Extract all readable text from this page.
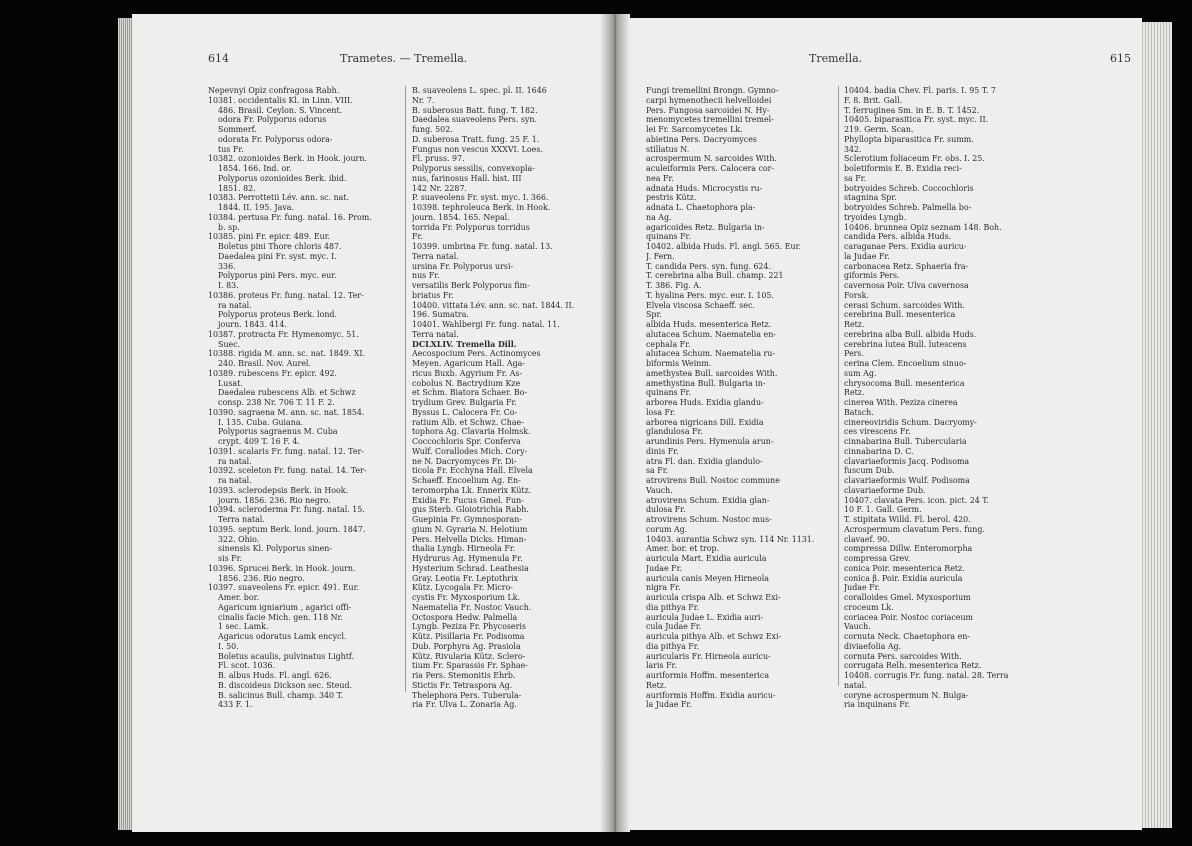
614	Trametes. — Tremella.	Tremella.	615

Nepevnyi Opiz confragosa Rabh.

10381. occidentalis Kl. in Linn. VIII.

486. Brasil. Ceylon. S. Vincent.

odora Fr. Polyporus odorus

Sommerf.

odorata Fr. Polyporus odora-

tus Fr.

10382. ozonioides Berk. in Hook. journ.

1854. 166. Ind. or.

Polyporus ozonioides Berk. ibid.

1851. 82.

10383. Perrottetii Lév. ann. sc. nat.

1844. II. 195. Java.

10384. pertusa Fr. fung. natal. 16. Prom.

b. sp.

10385. pini Fr. epicr. 489. Eur.

Boletus pini Thore chloris 487.

Daedalea pini Fr. syst. myc. I.

336.

Polyporus pini Pers. myc. eur.

I. 83.

10386. proteus Fr. fung. natal. 12. Ter-

ra natal.

Polyporus proteus Berk. lond.

journ. 1843. 414.

10387. protracta Fr. Hymenomyc. 51.

Suec.

10388. rigida M. ann. sc. nat. 1849. XI.

240. Brasil. Nov. Aurel.

10389. rubescens Fr. epicr. 492.

Lusat.

Daedalea rubescens Alb. et Schwz

consp. 238 Nr. 706 T. 11 F. 2.

10390. sagraena M. ann. sc. nat. 1854.

I. 135. Cuba. Guiana.

Polyporus sagraenus M. Cuba

crypt. 409 T. 16 F. 4.

10391. scalaris Fr. fung. natal. 12. Ter-

ra natal.

10392. sceleton Fr. fung. natal. 14. Ter-

ra natal.

10393. sclerodepsis Berk. in Hook.

journ. 1856. 236. Rio negro.

10394. scleroderma Fr. fung. natal. 15.

Terra natal.

10395. septum Berk. lond. journ. 1847.

322. Ohio.

sinensis Kl. Polyporus sinen-

sis Fr.

10396. Sprucei Berk. in Hook. journ.

1856. 236. Rio negro.

10397. suaveolens Fr. epicr. 491. Eur.

Amer. bor.

Agaricum igniarium , agarici offi-

cinalis facie Mich. gen. 118 Nr.

1 sec. Lamk.

Agaricus odoratus Lamk encycl.

I. 50.

Boletus acaulis, pulvinatus Lightf.

Fl. scot. 1036.

B. albus Huds. Fl. angl. 626.

B. discoideus Dickson sec. Steud.

B. salicinus Bull. champ. 340 T.

433 F. 1.

B. suaveolens L. spec. pl. II. 1646

Nr. 7.

B. suberosus Batt. fung. T. 182.

Daedalea suaveolens Pers. syn.

fung. 502.

D. suberosa Tratt. fung. 25 F. 1.

Fungus non vescus XXXVI. Loes.

Fl. pruss. 97.

Polyporus sessilis, convexopla-

nus, farinosus Hall. hist. III

142 Nr. 2287.

P. suaveolens Fr. syst. myc. I. 366.

10398. tephroleuca Berk. in Hook.

journ. 1854. 165. Nepal.

torrida Fr. Polyporus torridus

Fr.

10399. umbrina Fr. fung. natal. 13.

Terra natal.

ursina Fr. Polyporus ursi-

nus Fr.

versatilis Berk Polyporus fim-

briatus Fr.

10400. vittata Lév. ann. sc. nat. 1844. II.

196. Sumatra.

10401. Wahlbergi Fr. fung. natal. 11.

Terra natal.

DCLXLIV. Tremella Dill.

Aecospocium Pers. Actinomyces

Meyen. Agaricum Hall. Aga-

ricus Buxb. Agyrium Fr. As-

cobolus N. Bactrydium Kze

et Schm. Biatora Schaer. Bo-

trydium Grev. Bulgaria Fr.

Byssus L. Calocera Fr. Co-

ratium Alb. et Schwz. Chae-

tophora Ag. Clavaria Holmsk.

Coccochloris Spr. Conferva

Wulf. Corallodes Mich. Cory-

ne N. Dacryomyces Fr. Di-

ticola Fr. Ecchyna Hall. Elvela

Schaeff. Encoelium Ag. En-

teromorpha Lk. Ennerix Kütz.

Exidia Fr. Fucus Gmel. Fun-

gus Sterb. Gloiotrichia Rabh.

Guepinia Fr. Gymnosporan-

gium N. Gyraria N. Helotium

Pers. Helvella Dicks. Himan-

thalia Lyngb. Hirneola Fr.

Hydrurus Ag. Hymenula Fr.

Hysterium Schrad. Leathesia

Gray. Leotia Fr. Leptothrix

Kütz. Lycogala Fr. Micro-

cystis Fr. Myxosporium Lk.

Naematelia Fr. Nostoc Vauch.

Octospora Hedw. Palmella

Lyngb. Peziza Fr. Phycoseris

Kütz. Pisillaria Fr. Podisoma

Dub. Porphyra Ag. Prasiola

Kütz. Rivularia Kütz. Sclero-

tium Fr. Sparassis Fr. Sphae-

ria Pers. Stemonitis Ehrb.

Stictis Fr. Tetraspora Ag.

Thelephora Pers. Tuberula-

ria Fr. Ulva L. Zonaria Ag.

Fungi tremellini Brongn. Gymno-

carpi hymenothecii helvelloidei

Pers. Fungosa sarcoidei N. Hy-

menomycetes tremellini tremel-

lei Fr. Sarcomycetes Lk.

abietina Pers. Dacryomyces

stillatus N.

acrospermum N. sarcoides With.

aculeiformis Pers. Calocera cor-

nea Fr.

adnata Huds. Microcystis ru-

pestris Kütz.

adnata L. Chaetophora pla-

na Ag.

agaricoides Retz. Bulgaria in-

quinans Fr.

10402. albida Huds. Fl. angl. 565. Eur.

J. Fern.

T. candida Pers. syn. fung. 624.

T. cerebrina alba Bull. champ. 221

T. 386. Fig. A.

T. hyalina Pers. myc. eur. I. 105.

Elvela viscosa Schaeff. sec.

Spr.

albida Huds. mesenterica Retz.

alutacea Schum. Naematelia en-

cephala Fr.

alutacea Schum. Naematelia ru-

biformis Weinm.

amethystea Bull. sarcoides With.

amethystina Bull. Bulgaria in-

quinans Fr.

arborea Huds. Exidia glandu-

losa Fr.

arborea nigricans Dill. Exidia

glandulosa Fr.

arundinis Pers. Hymenula arun-

dinis Fr.

atra Fl. dan. Exidia glandulo-

sa Fr.

atrovirens Bull. Nostoc commune

Vauch.

atrovirens Schum. Exidia glan-

dulosa Fr.

atrovirens Schum. Nostoc mus-

corum Ag.

10403. aurantia Schwz syn. 114 Nr. 1131.

Amer. bor. et trop.

auricula Mart. Exidia auricula

Judae Fr.

auricula canis Meyen Hirneola

nigra Fr.

auricula crispa Alb. et Schwz Exi-

dia pithya Fr.

auricula Judae L. Exidia auri-

cula Judae Fr.

auricula pithya Alb. et Schwz Exi-

dia pithya Fr.

auricularis Fr. Hirneola auricu-

laris Fr.

auriformis Hoffm. mesenterica

Retz.

auriformis Hoffm. Exidia auricu-

la Judae Fr.

10404. badia Chev. Fl. paris. I. 95 T. 7

F. 8. Brit. Gall.

T. ferruginea Sm. in E. B. T. 1452.

10405. biparasitica Fr. syst. myc. II.

219. Germ. Scan.

Phyllopta biparasitica Fr. summ.

342.

Sclerotium foliaceum Fr. obs. I. 25.

boletiformis E. B. Exidia reci-

sa Fr.

botryoides Schreb. Coccochloris

stagnina Spr.

botryoides Schreb. Palmella bo-

tryoides Lyngb.

10406. brunnea Opiz seznam 148. Boh.

candida Pers. albida Huds.

caraganae Pers. Exidia auricu-

la Judae Fr.

carbonacea Retz. Sphaeria fra-

giformis Pers.

cavernosa Poir. Ulva cavernosa

Forsk.

cerasi Schum. sarcoides With.

cerebrina Bull. mesenterica

Retz.

cerebrina alba Bull. albida Huds.

cerebrina lutea Bull. lutescens

Pers.

cerina Clem. Encoelium sinuo-

sum Ag.

chrysocoma Bull. mesenterica

Retz.

cinerea With. Peziza cinerea

Batsch.

cinereoviridis Schum. Dacryomy-

ces virescens Fr.

cinnabarina Bull. Tubercularia

cinnabarina D. C.

clavariaeformis Jacq. Podisoma

fuscum Dub.

clavariaeformis Wulf. Podisoma

clavariaeforme Dub.

10407. clavata Pers. icon. pict. 24 T.

10 F. 1. Gall. Germ.

T. stipitata Willd. Fl. berol. 420.

Acrospermum clavatum Pers. fung.

clavaef. 90.

compressa Dillw. Enteromorpha

compressa Grev.

conica Poir. mesenterica Retz.

conica β. Poir. Exidia auricula

Judae Fr.

coralloides Gmel. Myxosporium

croceum Lk.

coriacea Poir. Nostoc coriaceum

Vauch.

cornuta Neck. Chaetophora en-

diviaefolia Ag.

cornuta Pers. sarcoides With.

corrugata Relh. mesenterica Retz.

10408. corrugis Fr. fung. natal. 28. Terra

natal.

coryne acrospermum N. Bulga-

ria inquinans Fr.
